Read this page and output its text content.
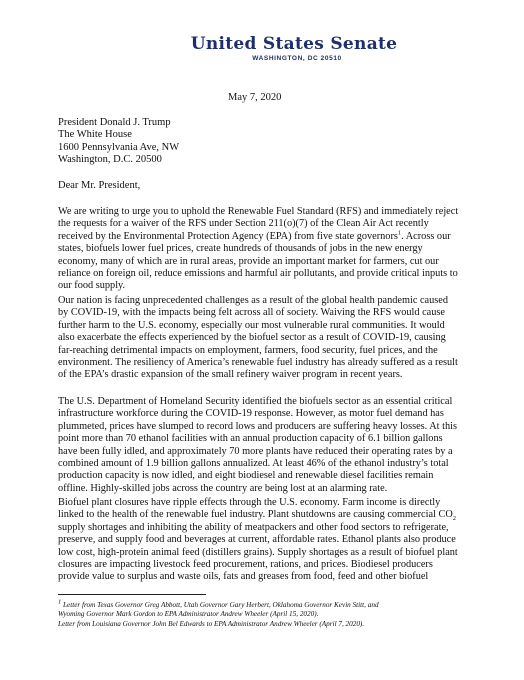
United States Senate
WASHINGTON, DC 20510
May 7, 2020
President Donald J. Trump
The White House
1600 Pennsylvania Ave, NW
Washington, D.C. 20500
Dear Mr. President,
We are writing to urge you to uphold the Renewable Fuel Standard (RFS) and immediately reject
the requests for a waiver of the RFS under Section 211(o)(7) of the Clean Air Act recently
received by the Environmental Protection Agency (EPA) from five state governors$^1$. Across our
states, biofuels lower fuel prices, create hundreds of thousands of jobs in the new energy
economy, many of which are in rural areas, provide an important market for farmers, cut our
reliance on foreign oil, reduce emissions and harmful air pollutants, and provide critical inputs to
our food supply.
Our nation is facing unprecedented challenges as a result of the global health pandemic caused
by COVID-19, with the impacts being felt across all of society. Waiving the RFS would cause
further harm to the U.S. economy, especially our most vulnerable rural communities. It would
also exacerbate the effects experienced by the biofuel sector as a result of COVID-19, causing
far-reaching detrimental impacts on employment, farmers, food security, fuel prices, and the
environment. The resiliency of America’s renewable fuel industry has already suffered as a result
of the EPA’s drastic expansion of the small refinery waiver program in recent years.
The U.S. Department of Homeland Security identified the biofuels sector as an essential critical
infrastructure workforce during the COVID-19 response. However, as motor fuel demand has
plummeted, prices have slumped to record lows and producers are suffering heavy losses. At this
point more than 70 ethanol facilities with an annual production capacity of 6.1 billion gallons
have been fully idled, and approximately 70 more plants have reduced their operating rates by a
combined amount of 1.9 billion gallons annualized. At least 46% of the ethanol industry’s total
production capacity is now idled, and eight biodiesel and renewable diesel facilities remain
offline. Highly-skilled jobs across the country are being lost at an alarming rate.
Biofuel plant closures have ripple effects through the U.S. economy. Farm income is directly
linked to the health of the renewable fuel industry. Plant shutdowns are causing commercial $CO_2$
supply shortages and inhibiting the ability of meatpackers and other food sectors to refrigerate,
preserve, and supply food and beverages at current, affordable rates. Ethanol plants also produce
low cost, high-protein animal feed (distillers grains). Supply shortages as a result of biofuel plant
closures are impacting livestock feed procurement, rations, and prices. Biodiesel producers
provide value to surplus and waste oils, fats and greases from food, feed and other biofuel
$^1$ Letter from Texas Governor Greg Abbott, Utah Governor Gary Herbert, Oklahoma Governor Kevin Stitt, and
Wyoming Governor Mark Gordon to EPA Administrator Andrew Wheeler (April 15, 2020).
Letter from Louisiana Governor John Bel Edwards to EPA Administrator Andrew Wheeler (April 7, 2020).
